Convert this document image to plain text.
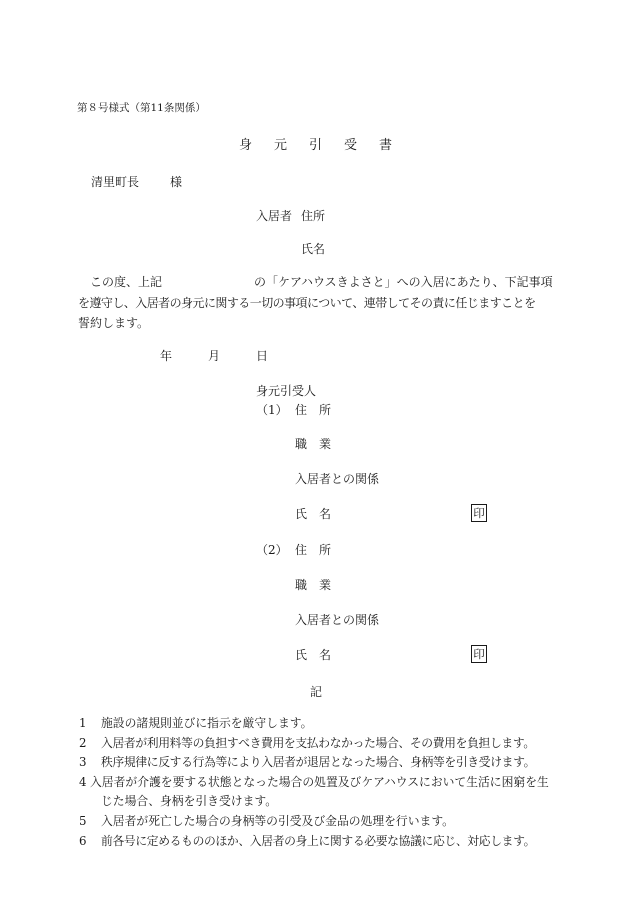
第８号様式（第11条関係）
身 元 引 受 書
清里町長	様
入居者 住所
氏名
この度、上記	の「ケアハウスきよさと」への入居にあたり、下記事項
を遵守し、入居者の身元に関する一切の事項について、連帯してその責に任じますことを
誓約します。
年	月	日
身元引受人
（1） 住　所
職　業
入居者との関係
氏　名	印
（2） 住　所
職　業
入居者との関係
氏　名	印
記
1 施設の諸規則並びに指示を厳守します。
2 入居者が利用料等の負担すべき費用を支払わなかった場合、その費用を負担します。
3 秩序規律に反する行為等により入居者が退居となった場合、身柄等を引き受けます。
4 入居者が介護を要する状態となった場合の処置及びケアハウスにおいて生活に困窮を生じた場合、身柄を引き受けます。
5 入居者が死亡した場合の身柄等の引受及び金品の処理を行います。
6 前各号に定めるもののほか、入居者の身上に関する必要な協議に応じ、対応します。
